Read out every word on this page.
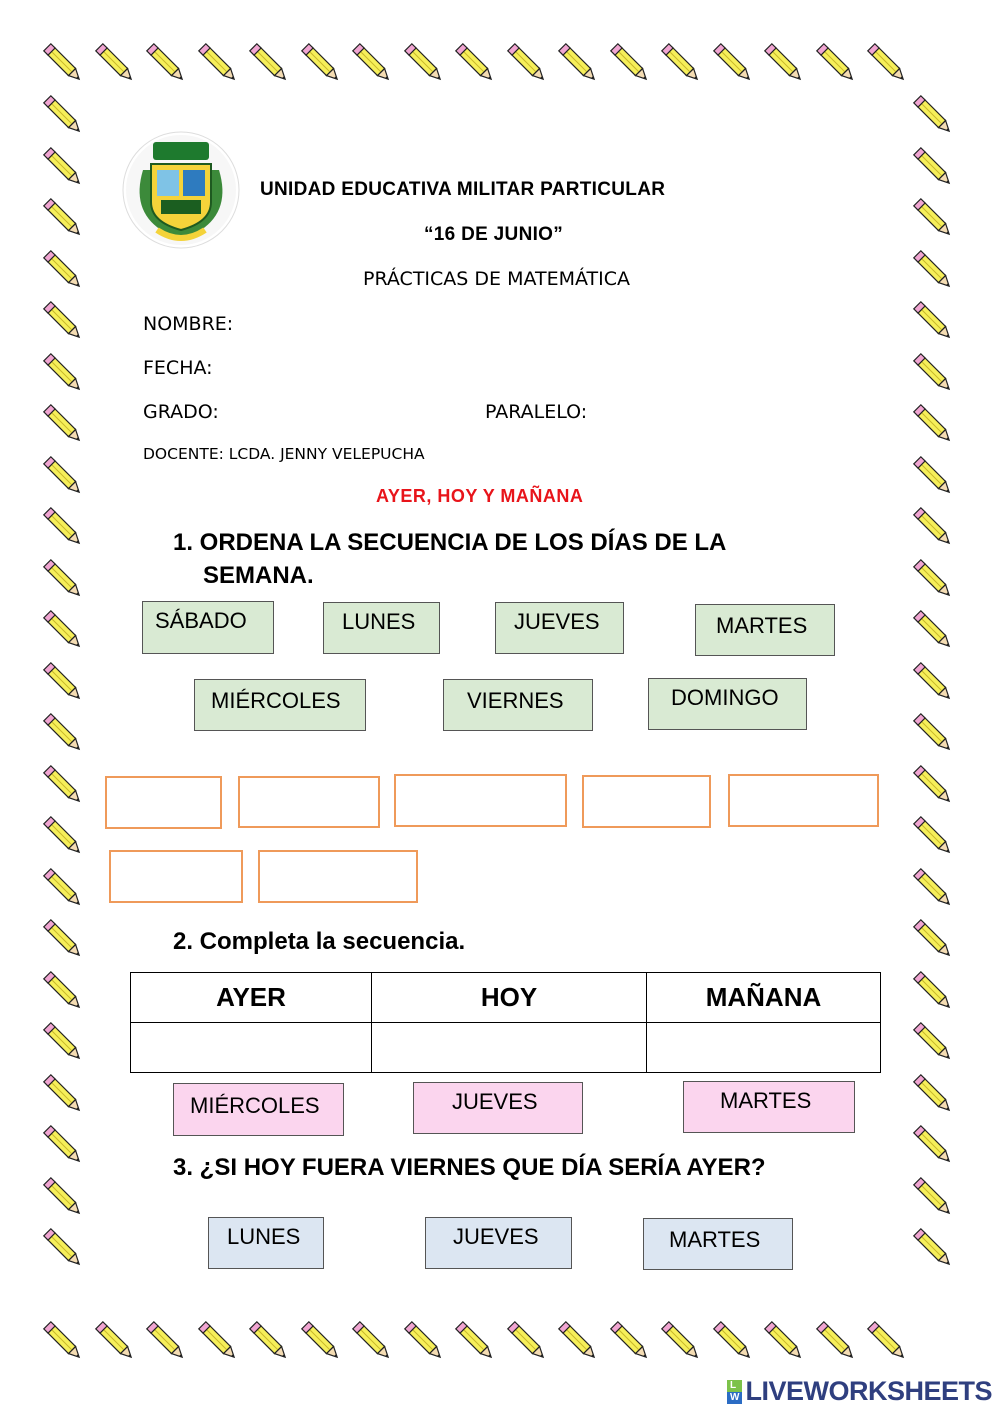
UNIDAD EDUCATIVA MILITAR PARTICULAR
“16 DE JUNIO”
PRÁCTICAS DE MATEMÁTICA
NOMBRE:
FECHA:
GRADO:	PARALELO:
DOCENTE: LCDA. JENNY VELEPUCHA
AYER, HOY Y MAÑANA
1. ORDENA LA SECUENCIA DE LOS DÍAS DE LA
SEMANA.
SÁBADO	LUNES	JUEVES	MARTES
MIÉRCOLES	VIERNES	DOMINGO
2. Completa la secuencia.
AYER	HOY	MAÑANA

MIÉRCOLES	JUEVES	MARTES
3. ¿SI HOY FUERA VIERNES QUE DÍA SERÍA AYER?
LUNES	JUEVES	MARTES
L
W LIVEWORKSHEETS
